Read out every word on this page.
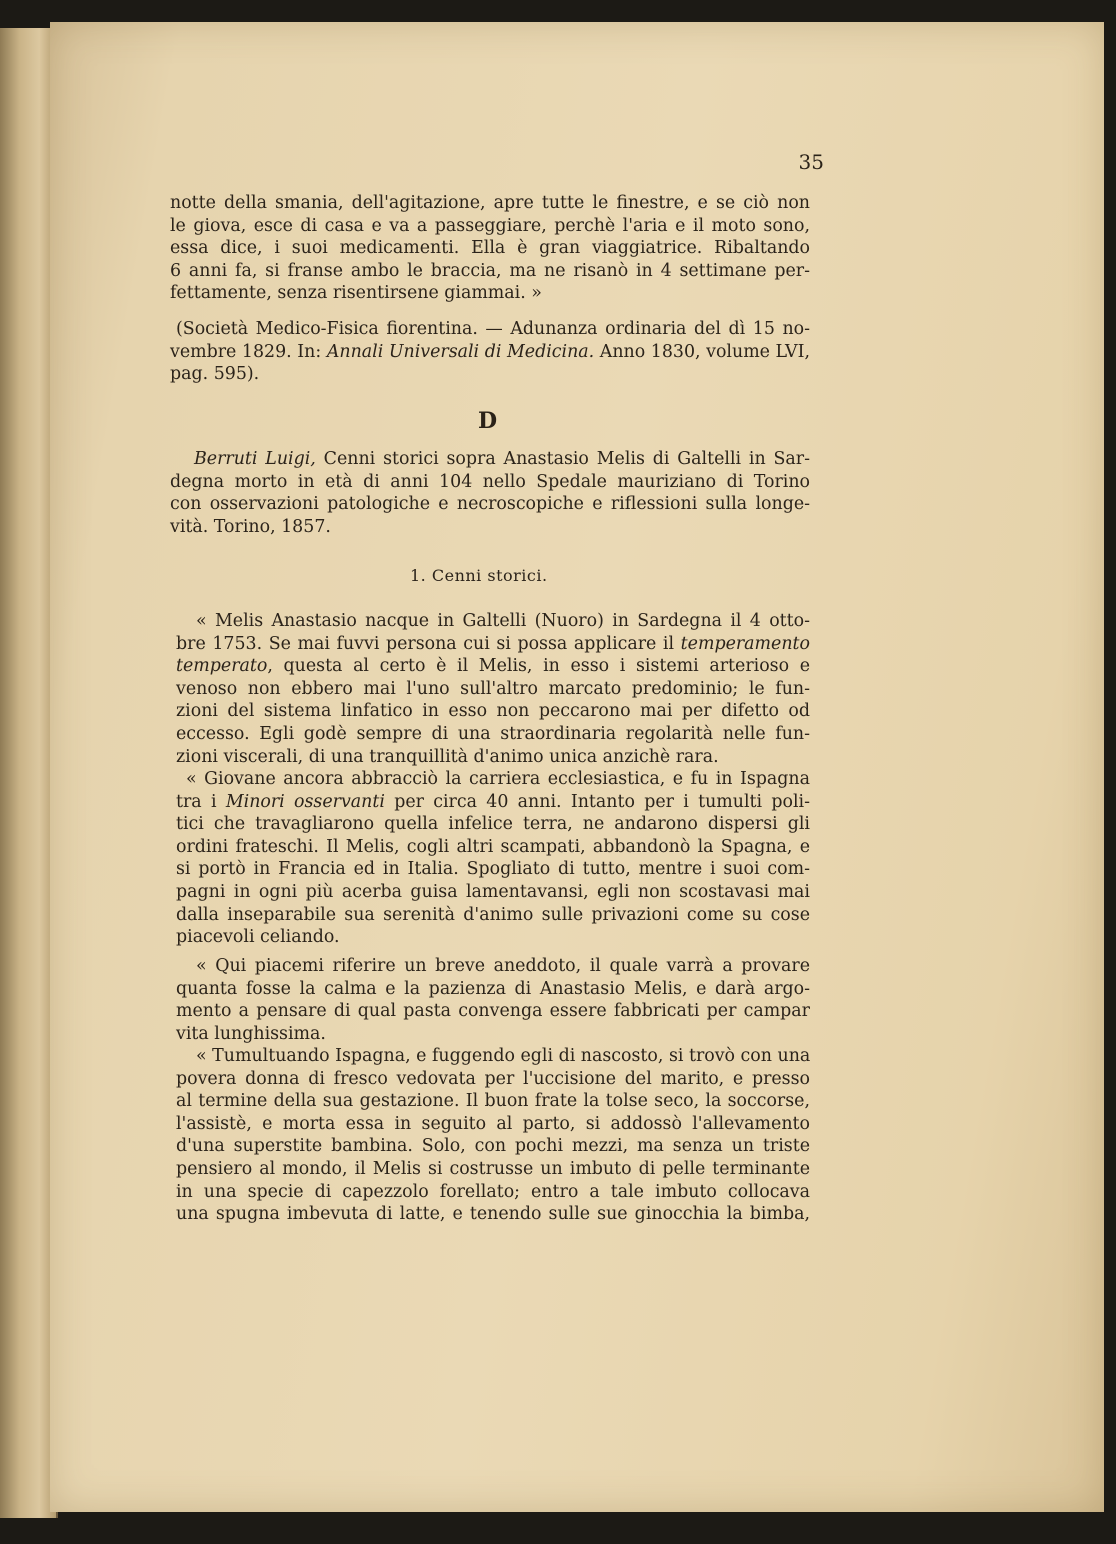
35
notte della smania, dell'agitazione, apre tutte le finestre, e se ciò non
le giova, esce di casa e va a passeggiare, perchè l'aria e il moto sono,
essa dice, i suoi medicamenti. Ella è gran viaggiatrice. Ribaltando
6 anni fa, si franse ambo le braccia, ma ne risanò in 4 settimane per-
fettamente, senza risentirsene giammai. »
(Società Medico-Fisica fiorentina. — Adunanza ordinaria del dì 15 no-
vembre 1829. In: Annali Universali di Medicina. Anno 1830, volume LVI,
pag. 595).
D
Berruti Luigi, Cenni storici sopra Anastasio Melis di Galtelli in Sar-
degna morto in età di anni 104 nello Spedale mauriziano di Torino
con osservazioni patologiche e necroscopiche e riflessioni sulla longe-
vità. Torino, 1857.
1. Cenni storici.
« Melis Anastasio nacque in Galtelli (Nuoro) in Sardegna il 4 otto-
bre 1753. Se mai fuvvi persona cui si possa applicare il temperamento
temperato, questa al certo è il Melis, in esso i sistemi arterioso e
venoso non ebbero mai l'uno sull'altro marcato predominio; le fun-
zioni del sistema linfatico in esso non peccarono mai per difetto od
eccesso. Egli godè sempre di una straordinaria regolarità nelle fun-
zioni viscerali, di una tranquillità d'animo unica anzichè rara.
« Giovane ancora abbracciò la carriera ecclesiastica, e fu in Ispagna
tra i Minori osservanti per circa 40 anni. Intanto per i tumulti poli-
tici che travagliarono quella infelice terra, ne andarono dispersi gli
ordini frateschi. Il Melis, cogli altri scampati, abbandonò la Spagna, e
si portò in Francia ed in Italia. Spogliato di tutto, mentre i suoi com-
pagni in ogni più acerba guisa lamentavansi, egli non scostavasi mai
dalla inseparabile sua serenità d'animo sulle privazioni come su cose
piacevoli celiando.
« Qui piacemi riferire un breve aneddoto, il quale varrà a provare
quanta fosse la calma e la pazienza di Anastasio Melis, e darà argo-
mento a pensare di qual pasta convenga essere fabbricati per campar
vita lunghissima.
« Tumultuando Ispagna, e fuggendo egli di nascosto, si trovò con una
povera donna di fresco vedovata per l'uccisione del marito, e presso
al termine della sua gestazione. Il buon frate la tolse seco, la soccorse,
l'assistè, e morta essa in seguito al parto, si addossò l'allevamento
d'una superstite bambina. Solo, con pochi mezzi, ma senza un triste
pensiero al mondo, il Melis si costrusse un imbuto di pelle terminante
in una specie di capezzolo forellato; entro a tale imbuto collocava
una spugna imbevuta di latte, e tenendo sulle sue ginocchia la bimba,
